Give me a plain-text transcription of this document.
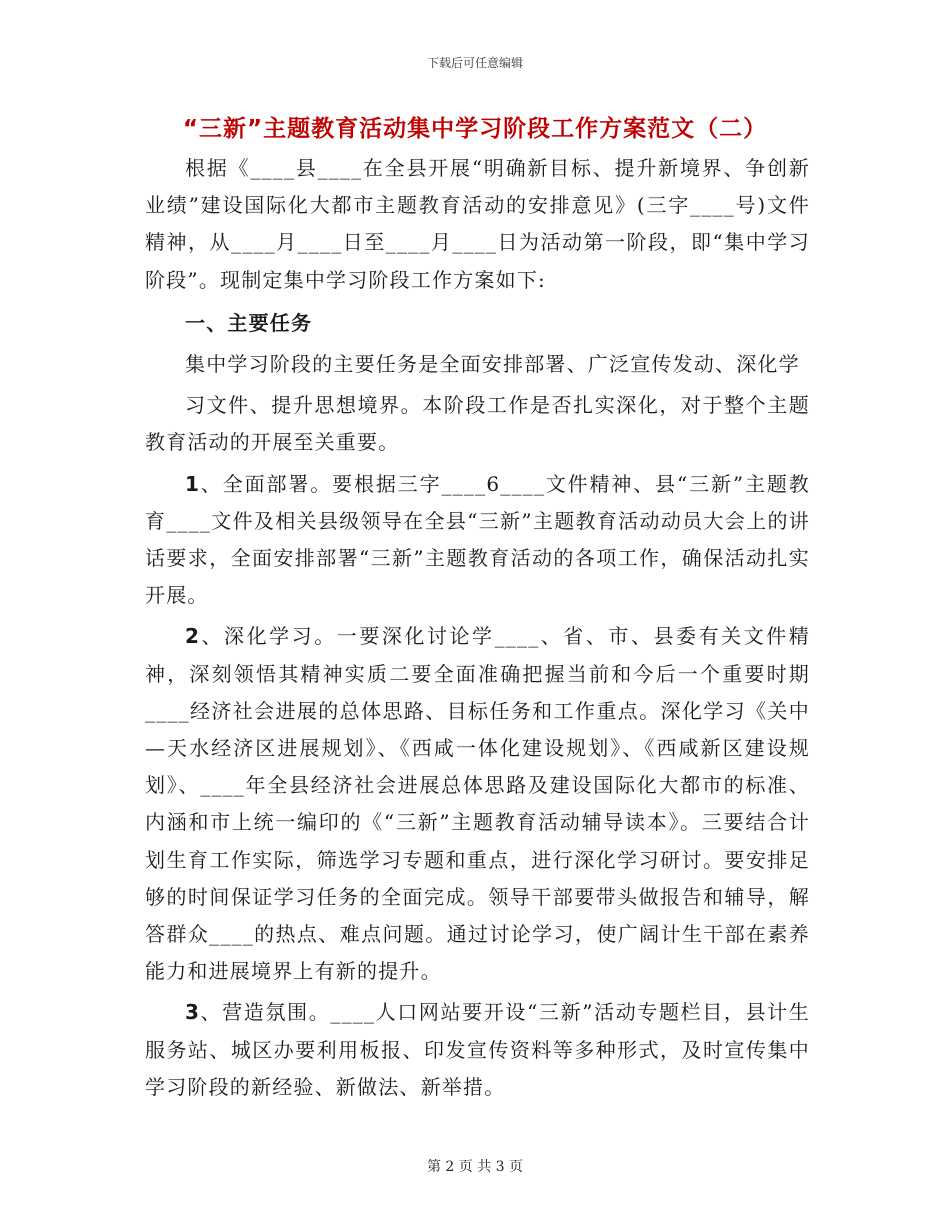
下载后可任意编辑
“三新”主题教育活动集中学习阶段工作方案范文（二）

根据《____县____在全县开展“明确新目标、提升新境界、争创新业绩”建设国际化大都市主题教育活动的安排意见》(三字____号)文件精神，从____月____日至____月____日为活动第一阶段，即“集中学习阶段”。现制定集中学习阶段工作方案如下:

一、主要任务

集中学习阶段的主要任务是全面安排部署、广泛宣传发动、深化学

习文件、提升思想境界。本阶段工作是否扎实深化，对于整个主题教育活动的开展至关重要。

1、全面部署。要根据三字____6____文件精神、县“三新”主题教育____文件及相关县级领导在全县“三新”主题教育活动动员大会上的讲话要求，全面安排部署“三新”主题教育活动的各项工作，确保活动扎实开展。

2、深化学习。一要深化讨论学____、省、市、县委有关文件精神，深刻领悟其精神实质二要全面准确把握当前和今后一个重要时期____经济社会进展的总体思路、目标任务和工作重点。深化学习《关中—天水经济区进展规划》、《西咸一体化建设规划》、《西咸新区建设规划》、____年全县经济社会进展总体思路及建设国际化大都市的标准、内涵和市上统一编印的《“三新”主题教育活动辅导读本》。三要结合计划生育工作实际，筛选学习专题和重点，进行深化学习研讨。要安排足够的时间保证学习任务的全面完成。领导干部要带头做报告和辅导，解答群众____的热点、难点问题。通过讨论学习，使广阔计生干部在素养能力和进展境界上有新的提升。

3、营造氛围。____人口网站要开设“三新”活动专题栏目，县计生服务站、城区办要利用板报、印发宣传资料等多种形式，及时宣传集中学习阶段的新经验、新做法、新举措。

第 2 页 共 3 页
